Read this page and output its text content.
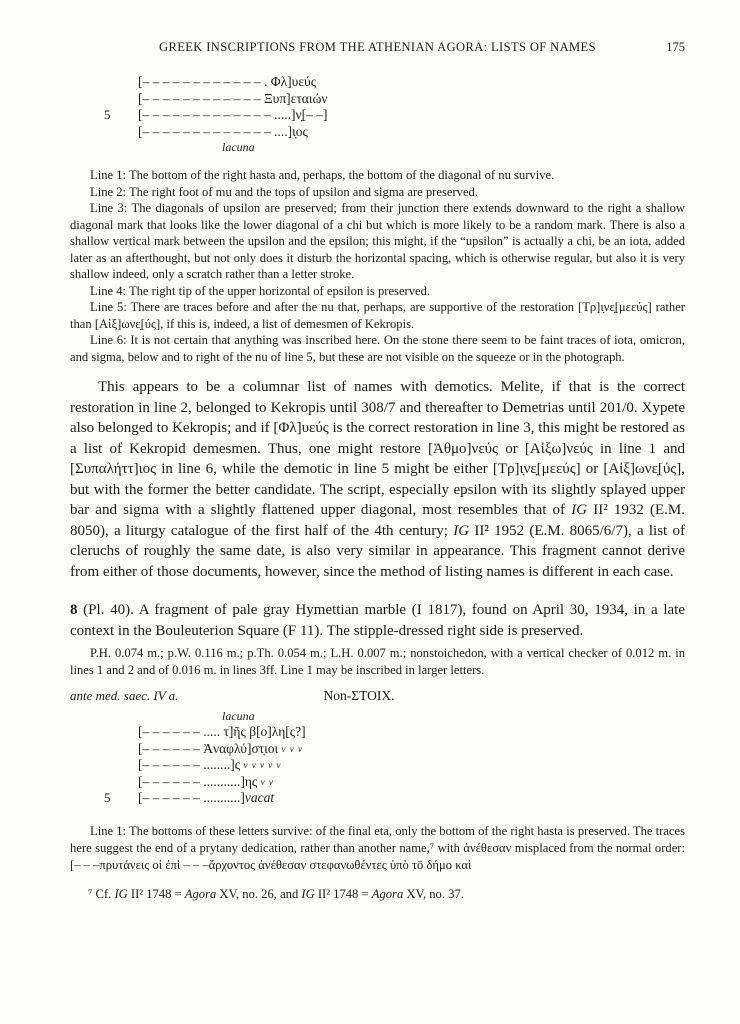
GREEK INSCRIPTIONS FROM THE ATHENIAN AGORA: LISTS OF NAMES	175
[– – – – – – – – – – – – . Φλ]υεύς
[– – – – – – – – – – – – Ξυπ]εταιών
5	[– – – – – – – – – – – – – .....]ν̣[– –]
[– – – – – – – – – – – – – ....]ι̣ος
lacuna

Line 1: The bottom of the right hasta and, perhaps, the bottom of the diagonal of nu survive.

Line 2: The right foot of mu and the tops of upsilon and sigma are preserved.

Line 3: The diagonals of upsilon are preserved; from their junction there extends downward to the right a shallow diagonal mark that looks like the lower diagonal of a chi but which is more likely to be a random mark. There is also a shallow vertical mark between the upsilon and the epsilon; this might, if the “upsilon” is actually a chi, be an iota, added later as an afterthought, but not only does it disturb the horizontal spacing, which is otherwise regular, but also it is very shallow indeed, only a scratch rather than a letter stroke.

Line 4: The right tip of the upper horizontal of epsilon is preserved.

Line 5: There are traces before and after the nu that, perhaps, are supportive of the restoration [Τρ]ι̣νε̣[μεεύς] rather than [Αἰξ]ωνε̣[ύς], if this is, indeed, a list of demesmen of Kekropis.

Line 6: It is not certain that anything was inscribed here. On the stone there seem to be faint traces of iota, omicron, and sigma, below and to right of the nu of line 5, but these are not visible on the squeeze or in the photograph.

This appears to be a columnar list of names with demotics. Melite, if that is the correct restoration in line 2, belonged to Kekropis until 308/7 and thereafter to Demetrias until 201/0. Xypete also belonged to Kekropis; and if [Φλ]υεύς is the correct restoration in line 3, this might be restored as a list of Kekropid demesmen. Thus, one might restore [Ἀθμο]νεύς or [Αἰξω]νεύς in line 1 and [Συπαλήττ]ιος in line 6, while the demotic in line 5 might be either [Τρ]ι̣νε̣[μεεύς] or [Αἰξ]ωνε̣[ύς], but with the former the better candidate. The script, especially epsilon with its slightly splayed upper bar and sigma with a slightly flattened upper diagonal, most resembles that of IG II² 1932 (E.M. 8050), a liturgy catalogue of the first half of the 4th century; IG II² 1952 (E.M. 8065/6/7), a list of cleruchs of roughly the same date, is also very similar in appearance. This fragment cannot derive from either of those documents, however, since the method of listing names is different in each case.

8 (Pl. 40). A fragment of pale gray Hymettian marble (I 1817), found on April 30, 1934, in a late context in the Bouleuterion Square (F 11). The stipple-dressed right side is preserved.

P.H. 0.074 m.; p.W. 0.116 m.; p.Th. 0.054 m.; L.H. 0.007 m.; nonstoichedon, with a vertical checker of 0.012 m. in lines 1 and 2 and of 0.016 m. in lines 3ff. Line 1 may be inscribed in larger letters.

ante med. saec. IV a.	Non-ΣΤΟΙΧ.
lacuna
[– – – – – – ..... τ]ῆς β[ο]λη[ς?]
[– – – – – – Ἀναφλύ]στ̣ιοι v v v
[– – – – – – ........]ς v v v v v
[– – – – – – ...........]ης v v
5	[– – – – – – ...........] vacat

Line 1: The bottoms of these letters survive: of the final eta, only the bottom of the right hasta is preserved. The traces here suggest the end of a prytany dedication, rather than another name,⁷ with ἀνέθεσαν misplaced from the normal order: [– – –πρυτάνεις οἱ ἐπὶ – – –ἄρχοντος ἀνέθεσαν στεφανωθέντες ὑπὸ τō δήμο καὶ

⁷ Cf. IG II² 1748 = Agora XV, no. 26, and IG II² 1748 = Agora XV, no. 37.
